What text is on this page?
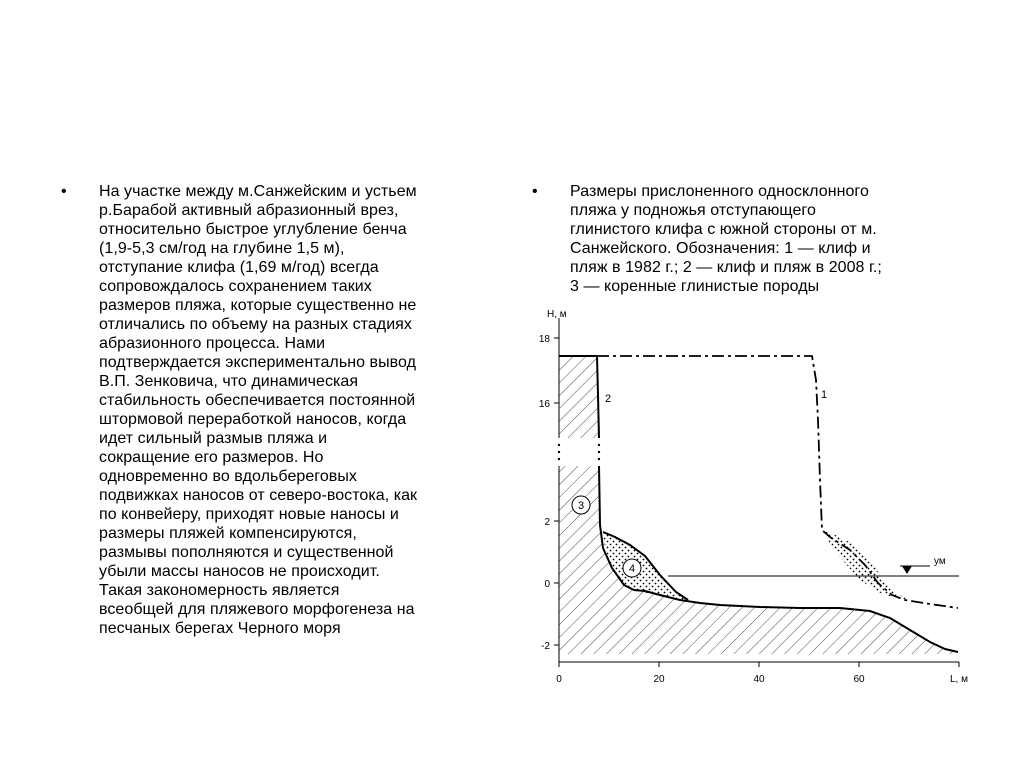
• На участке между м.Санжейским и устьем
р.Барабой активный абразионный врез,
относительно быстрое углубление бенча
(1,9-5,3 см/год на глубине 1,5 м),
отступание клифа (1,69 м/год) всегда
сопровождалось сохранением таких
размеров пляжа, которые существенно не
отличались по объему на разных стадиях
абразионного процесса. Нами
подтверждается экспериментально вывод
В.П. Зенковича, что динамическая
стабильность обеспечивается постоянной
штормовой переработкой наносов, когда
идет сильный размыв пляжа и
сокращение его размеров. Но
одновременно во вдольбереговых
подвижках наносов от северо-востока, как
по конвейеру, приходят новые наносы и
размеры пляжей компенсируются,
размывы пополняются и существенной
убыли массы наносов не происходит.
Такая закономерность является
всеобщей для пляжевого морфогенеза на
песчаных берегах Черного моря
• Размеры прислоненного односклонного
пляжа у подножья отступающего
глинистого клифа с южной стороны от м.
Санжейского. Обозначения: 1 — клиф и
пляж в 1982 г.; 2 — клиф и пляж в 2008 г.;
3 — коренные глинистые породы
Н, м
L, м
18
16
2
0
-2
0	20	40	60
ум
2	1
3
4
